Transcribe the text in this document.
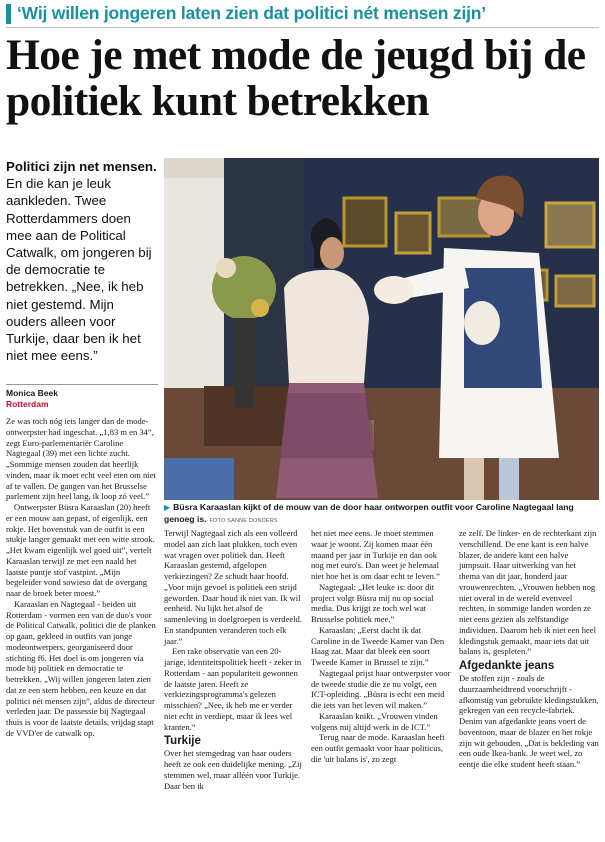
‘Wij willen jongeren laten zien dat politici nét mensen zijn’
Hoe je met mode de jeugd bij de politiek kunt betrekken
Politici zijn net mensen. En die kan je leuk aankleden. Twee Rotterdammers doen mee aan de Political Catwalk, om jongeren bij de democratie te betrekken. „Nee, ik heb niet gestemd. Mijn ouders alleen voor Turkije, daar ben ik het niet mee eens.”
Monica Beek
Rotterdam
▶ Büsra Karaaslan kijkt of de mouw van de door haar ontworpen outfit voor Caroline Nagtegaal lang genoeg is. FOTO SANNE DONDERS

Ze was toch nóg iets langer dan de mode-ontwerpster had ingeschat. „1,83 m en 34”, zegt Euro-parlementariër Caroline Nagtegaal (39) met een lichte zucht. „Sommige mensen zouden dat heerlijk vinden, maar ik moet echt veel eten om niet af te vallen. De gangen van het Brusselse parlement zijn heel lang, ik loop zó veel.”

Ontwerpster Büsra Karaaslan (20) heeft er een mouw aan gepast, of eigenlijk, een rokje. Het bovenstuk van de outfit is een stukje langer gemaakt met een witte strook. „Het kwam eigenlijk wel goed uit”, vertelt Karaaslan terwijl ze met een naald het laatste puntje stof vastpint. „Mijn begeleider vond sowieso dat de overgang naar de broek beter moest.”

Karaaslan en Nagtegaal - beiden uit Rotterdam - vormen een van de duo's voor de Political Catwalk, politici die de planken op gaan, gekleed in outfits van jonge modeontwerpers, georganiseerd door stichting f6. Het doel is om jongeren via mode bij politiek en democratie te betrekken. „Wij willen jongeren laten zien dat ze een stem hebben, een keuze en dat politici nét mensen zijn”, aldus de directeur verleden jaar. De passessie bij Nagtegaal thuis is voor de laatste details, vrijdag stapt de VVD'er de catwalk op.

Terwijl Nagtegaal zich als een volleerd model aan zich laat plukken, toch even wat vragen over politiek dan. Heeft Karaaslan gestemd, afgelopen verkiezingen? Ze schudt haar hoofd. „Voor mijn gevoel is politiek een strijd geworden. Daar houd ik niet van. Ik wil eenheid. Nu lijkt het alsof de samenleving in doelgroepen is verdeeld. En standpunten veranderen toch elk jaar.”

Een rake observatie van een 20-jarige, identiteitspolitiek heeft - zeker in Rotterdam - aan populariteit gewonnen de laatste jaren. Heeft ze verkiezingsprogramma's gelezen misschien? „Nee, ik heb me er verder niet echt in verdiept, maar ik lees wel kranten.”

Turkije

Over het stemgedrag van haar ouders heeft ze ook een duidelijke mening. „Zij stemmen wel, maar alléén voor Turkije. Daar ben ik

het niet mee eens. Je moet stemmen waar je woont. Zij komen maar één maand per jaar in Turkije en dan ook nog met euro's. Dan weet je helemaal niet hoe het is om daar echt te leven.”

Nagtegaal: „Het leuke is: door dit project volgt Büsra mij nu op social media. Dus krijgt ze toch wel wat Brusselse politiek mee.”

Karaaslan: „Eerst dacht ik dat Caroline in de Tweede Kamer van Den Haag zat. Maar dat bleek een soort Tweede Kamer in Brussel te zijn.”

Nagtegaal prijst haar ontwerpster voor de tweede studie die ze nu volgt, een ICT-opleiding. „Büsra is echt een meid die iets van het leven wil maken.”

Karaaslan knikt. „Vrouwen vinden volgens mij altijd werk in de ICT.”

Terug naar de mode. Karaaslan heeft een outfit gemaakt voor haar politicus, die 'uit balans is', zo zegt

ze zelf. De linker- en de rechterkant zijn verschillend. De ene kant is een halve blazer, de andere kant een halve jumpsuit. Haar uitwerking van het thema van dit jaar, honderd jaar vrouwenrechten. „Vrouwen hebben nog niet overal in de wereld evenveel rechten, in sommige landen worden ze niet eens gezien als zelfstandige individuen. Daarom heb ik niet een heel kledingstuk gemaakt, maar iets dat uit balans is, gespleten.”

Afgedankte jeans

De stoffen zijn - zoals de duurzaamheidtrend voorschrijft - afkomstig van gebruikte kledingstukken, gekregen van een recycle-fabriek. Denim van afgedankte jeans voert de boventoon, maar de blazer en het rokje zijn wit gebouden. „Dat is bekleding van een oude Ikea-bank. Je weet wel, zo eentje die elke student heeft staan.”
